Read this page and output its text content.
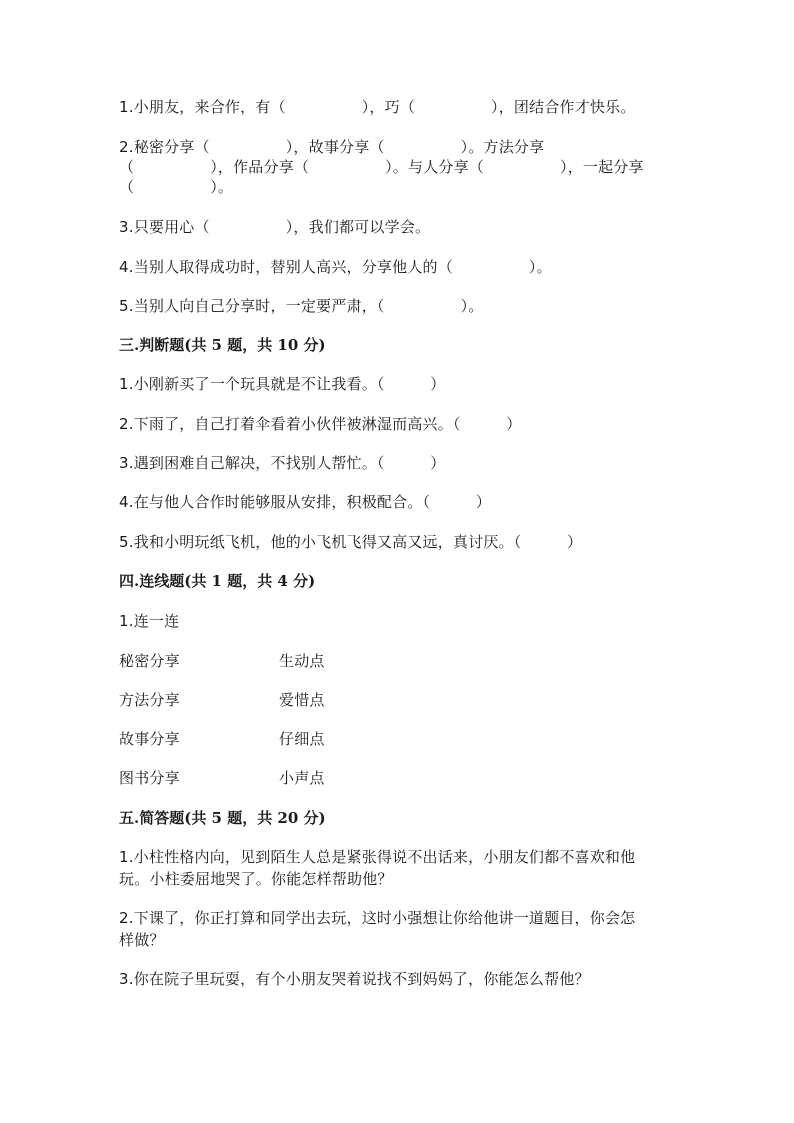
1.小朋友，来合作，有（　　　　　），巧（　　　　　），团结合作才快乐。
2.秘密分享（　　　　　），故事分享（　　　　　）。方法分享
（　　　　　），作品分享（　　　　　）。与人分享（　　　　　），一起分享
（　　　　　）。
3.只要用心（　　　　　），我们都可以学会。
4.当别人取得成功时，替别人高兴，分享他人的（　　　　　）。
5.当别人向自己分享时，一定要严肃，（　　　　　）。
三.判断题(共 5 题，共 10 分)
1.小刚新买了一个玩具就是不让我看。（　　　）
2.下雨了，自己打着伞看着小伙伴被淋湿而高兴。（　　　）
3.遇到困难自己解决，不找别人帮忙。（　　　）
4.在与他人合作时能够服从安排，积极配合。（　　　）
5.我和小明玩纸飞机，他的小飞机飞得又高又远，真讨厌。（　　　）
四.连线题(共 1 题，共 4 分)
1.连一连
秘密分享	生动点
方法分享	爱惜点
故事分享	仔细点
图书分享	小声点
五.简答题(共 5 题，共 20 分)
1.小柱性格内向，见到陌生人总是紧张得说不出话来，小朋友们都不喜欢和他
玩。小柱委屈地哭了。你能怎样帮助他？
2.下课了，你正打算和同学出去玩，这时小强想让你给他讲一道题目，你会怎
样做？
3.你在院子里玩耍，有个小朋友哭着说找不到妈妈了，你能怎么帮他？
